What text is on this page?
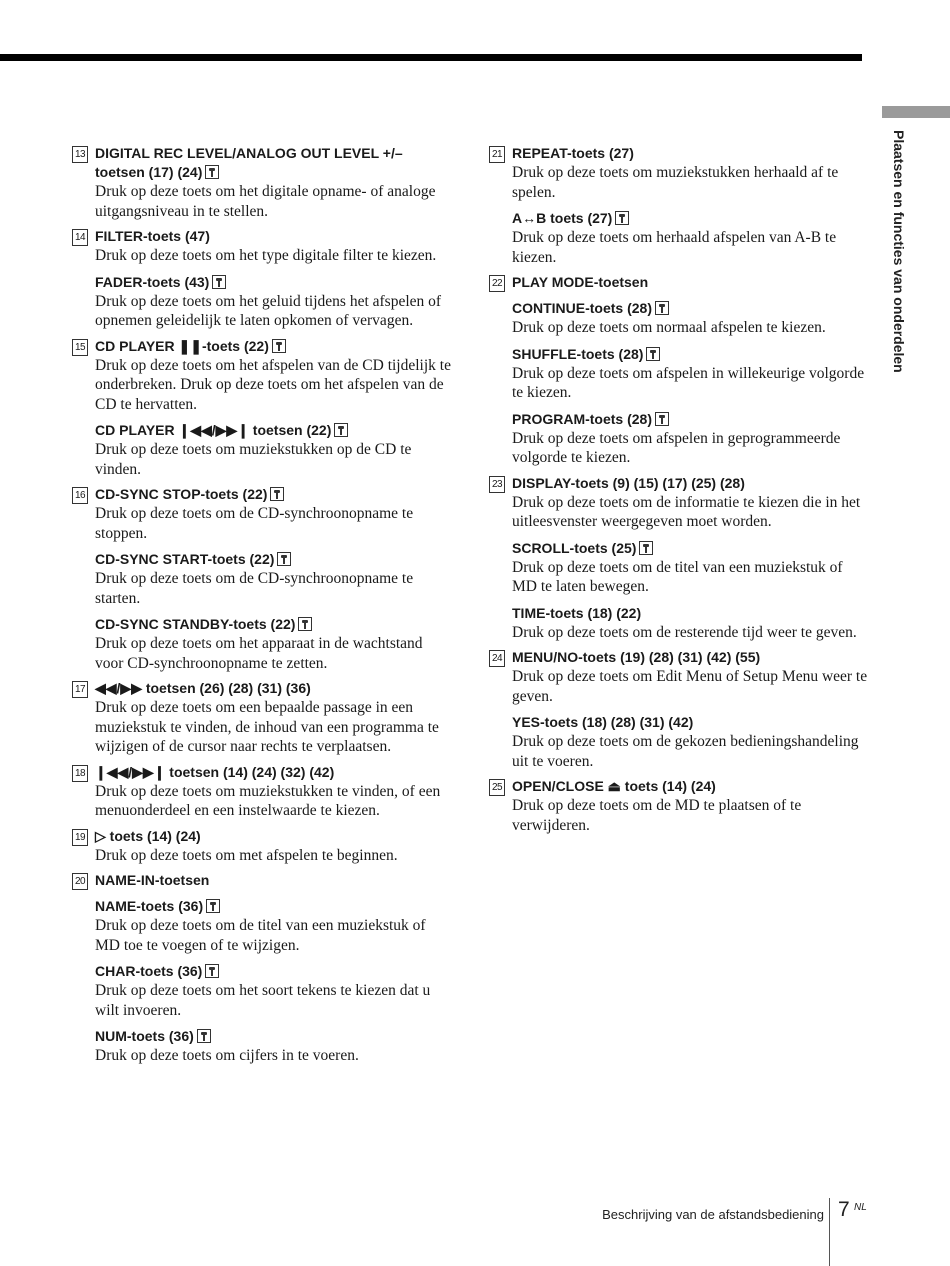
Plaatsen en functies van onderdelen
13 DIGITAL REC LEVEL/ANALOG OUT LEVEL +/– toetsen (17) (24)
Druk op deze toets om het digitale opname- of analoge uitgangsniveau in te stellen.
14 FILTER-toets (47)
Druk op deze toets om het type digitale filter te kiezen.
FADER-toets (43)
Druk op deze toets om het geluid tijdens het afspelen of opnemen geleidelijk te laten opkomen of vervagen.
15 CD PLAYER ❚❚-toets (22)
Druk op deze toets om het afspelen van de CD tijdelijk te onderbreken. Druk op deze toets om het afspelen van de CD te hervatten.
CD PLAYER ❙◀◀/▶▶❙ toetsen (22)
Druk op deze toets om muziekstukken op de CD te vinden.
16 CD-SYNC STOP-toets (22)
Druk op deze toets om de CD-synchroonopname te stoppen.
CD-SYNC START-toets (22)
Druk op deze toets om de CD-synchroonopname te starten.
CD-SYNC STANDBY-toets (22)
Druk op deze toets om het apparaat in de wachtstand voor CD-synchroonopname te zetten.
17 ◀◀/▶▶ toetsen (26) (28) (31) (36)
Druk op deze toets om een bepaalde passage in een muziekstuk te vinden, de inhoud van een programma te wijzigen of de cursor naar rechts te verplaatsen.
18 ❙◀◀/▶▶❙ toetsen (14) (24) (32) (42)
Druk op deze toets om muziekstukken te vinden, of een menuonderdeel en een instelwaarde te kiezen.
19 ▷ toets (14) (24)
Druk op deze toets om met afspelen te beginnen.
20 NAME-IN-toetsen
NAME-toets (36)
Druk op deze toets om de titel van een muziekstuk of MD toe te voegen of te wijzigen.
CHAR-toets (36)
Druk op deze toets om het soort tekens te kiezen dat u wilt invoeren.
NUM-toets (36)
Druk op deze toets om cijfers in te voeren.
21 REPEAT-toets (27)
Druk op deze toets om muziekstukken herhaald af te spelen.
A↔B toets (27)
Druk op deze toets om herhaald afspelen van A-B te kiezen.
22 PLAY MODE-toetsen
CONTINUE-toets (28)
Druk op deze toets om normaal afspelen te kiezen.
SHUFFLE-toets (28)
Druk op deze toets om afspelen in willekeurige volgorde te kiezen.
PROGRAM-toets (28)
Druk op deze toets om afspelen in geprogrammeerde volgorde te kiezen.
23 DISPLAY-toets (9) (15) (17) (25) (28)
Druk op deze toets om de informatie te kiezen die in het uitleesvenster weergegeven moet worden.
SCROLL-toets (25)
Druk op deze toets om de titel van een muziekstuk of MD te laten bewegen.
TIME-toets (18) (22)
Druk op deze toets om de resterende tijd weer te geven.
24 MENU/NO-toets (19) (28) (31) (42) (55)
Druk op deze toets om Edit Menu of Setup Menu weer te geven.
YES-toets (18) (28) (31) (42)
Druk op deze toets om de gekozen bedieningshandeling uit te voeren.
25 OPEN/CLOSE ⏏ toets (14) (24)
Druk op deze toets om de MD te plaatsen of te verwijderen.
Beschrijving van de afstandsbediening 7 NL
